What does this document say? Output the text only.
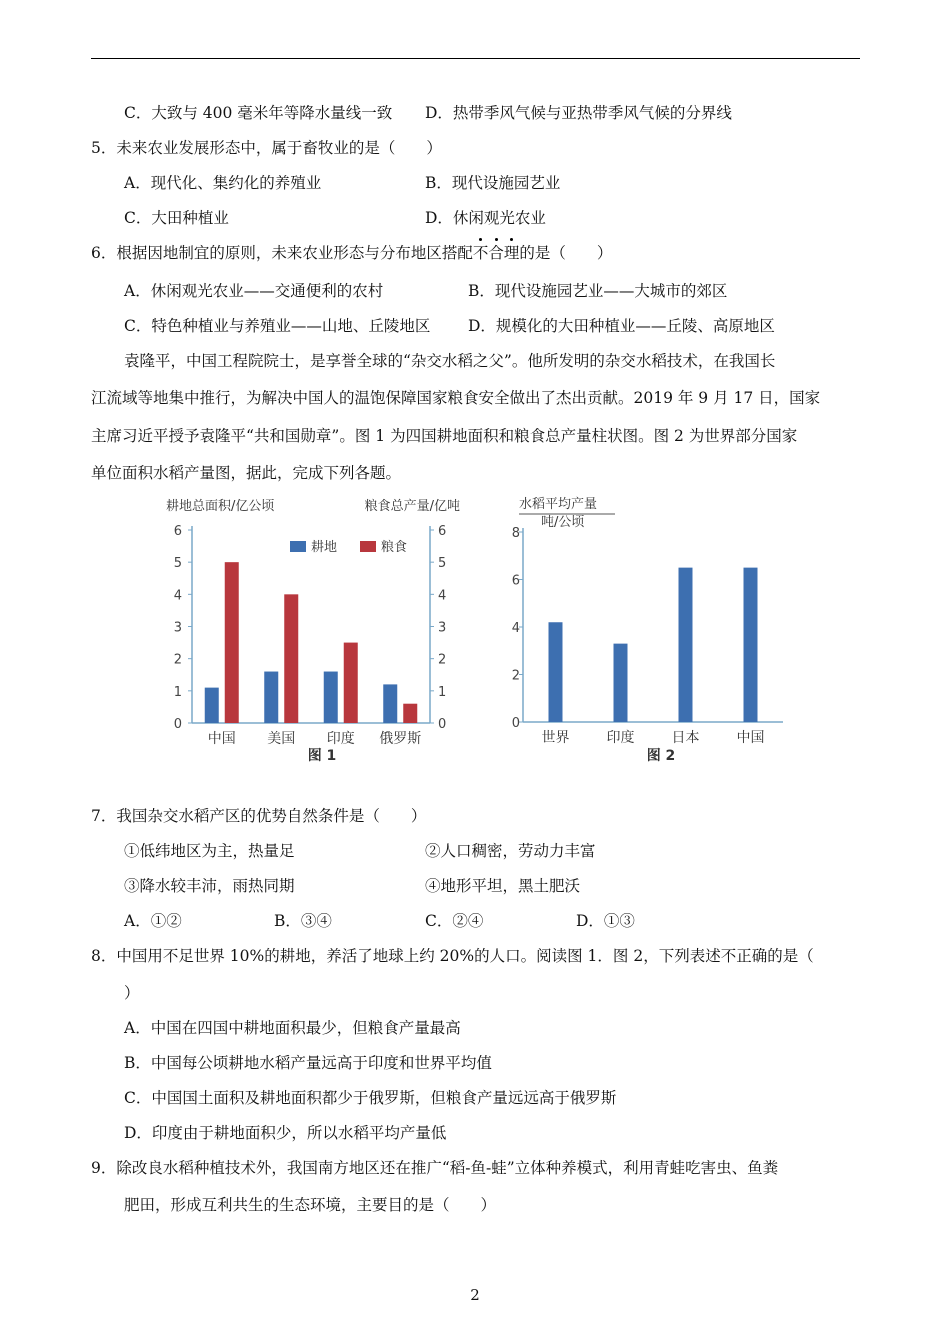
C．大致与 400 毫米年等降水量线一致 D．热带季风气候与亚热带季风气候的分界线
5．未来农业发展形态中，属于畜牧业的是（　　）
A．现代化、集约化的养殖业	B．现代设施园艺业
C．大田种植业	D．休闲观光农业
6．根据因地制宜的原则，未来农业形态与分布地区搭配不合理的是（　　）
A．休闲观光农业——交通便利的农村	B．现代设施园艺业——大城市的郊区
C．特色种植业与养殖业——山地、丘陵地区 D．规模化的大田种植业——丘陵、高原地区
袁隆平，中国工程院院士，是享誉全球的“杂交水稻之父”。他所发明的杂交水稻技术，在我国长
江流域等地集中推行，为解决中国人的温饱保障国家粮食安全做出了杰出贡献。2019 年 9 月 17 日，国家
主席习近平授予袁隆平“共和国勋章”。图 1 为四国耕地面积和粮食总产量柱状图。图 2 为世界部分国家
单位面积水稻产量图，据此，完成下列各题。
耕地总面积/亿公顷	粮食总产量/亿吨
0	0
1	1
2	2
3	3
4	4
5	5
6	6
中国 美国 印度 俄罗斯
耕地	粮食
图 1
水稻平均产量
吨/公顷
0
2
4
6
8
世界	印度	日本	中国
图 2
7．我国杂交水稻产区的优势自然条件是（　　）
①低纬地区为主，热量足	②人口稠密，劳动力丰富
③降水较丰沛，雨热同期	④地形平坦，黑土肥沃
A．①②	B．③④	C．②④	D．①③
8．中国用不足世界 10%的耕地，养活了地球上约 20%的人口。阅读图 1．图 2，下列表述不正确的是（
）
A．中国在四国中耕地面积最少，但粮食产量最高
B．中国每公顷耕地水稻产量远高于印度和世界平均值
C．中国国土面积及耕地面积都少于俄罗斯，但粮食产量远远高于俄罗斯
D．印度由于耕地面积少，所以水稻平均产量低
9．除改良水稻种植技术外，我国南方地区还在推广“稻-鱼-蛙”立体种养模式，利用青蛙吃害虫、鱼粪
肥田，形成互利共生的生态环境，主要目的是（　　）
2
